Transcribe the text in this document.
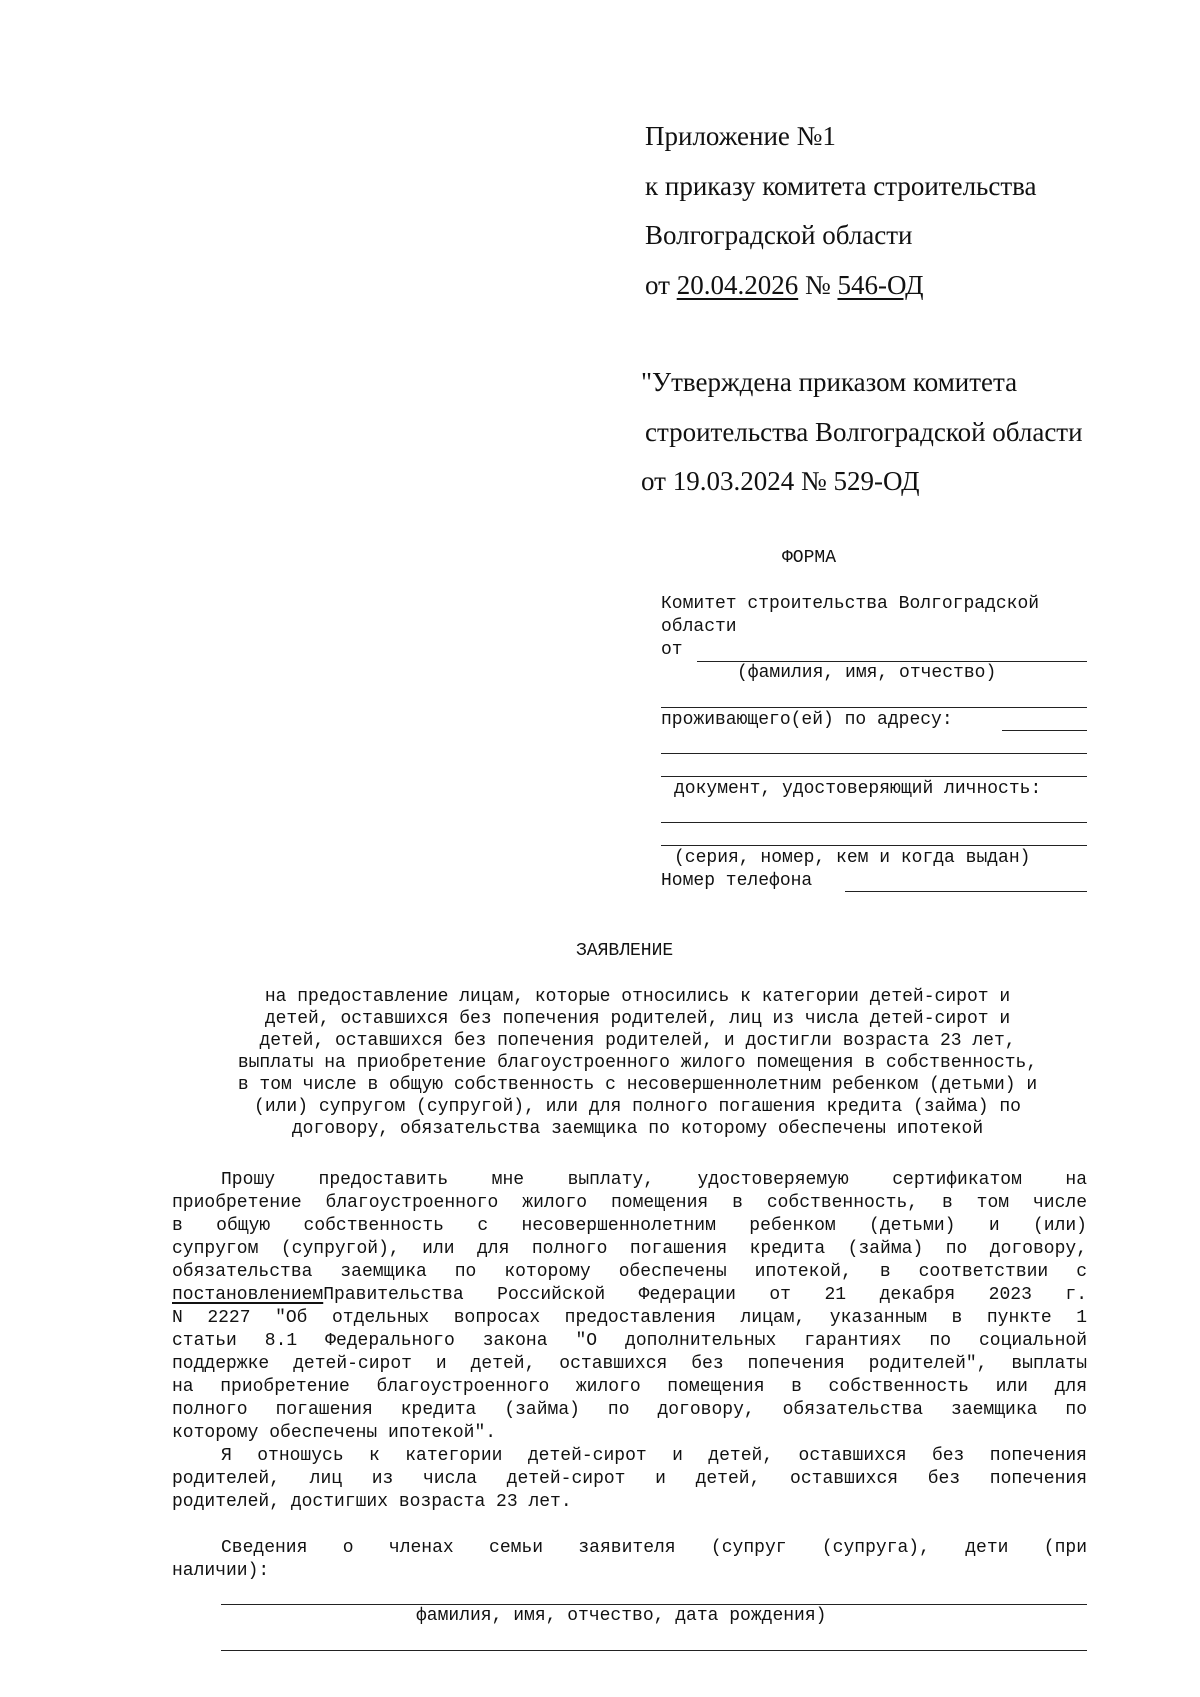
Приложение №1
к приказу комитета строительства
Волгоградской области
от 20.04.2026 № 546-ОД
"Утверждена приказом комитета
строительства Волгоградской области
от 19.03.2024 № 529-ОД
ФОРМА
Комитет строительства Волгоградской
области
от
(фамилия, имя, отчество)
проживающего(ей) по адресу:
документ, удостоверяющий личность:
(серия, номер, кем и когда выдан)
Номер телефона
ЗАЯВЛЕНИЕ

на предоставление лицам, которые относились к категории детей-сирот и

детей, оставшихся без попечения родителей, лиц из числа детей-сирот и

детей, оставшихся без попечения родителей, и достигли возраста 23 лет,

выплаты на приобретение благоустроенного жилого помещения в собственность,

в том числе в общую собственность с несовершеннолетним ребенком (детьми) и

(или) супругом (супругой), или для полного погашения кредита (займа) по

договору, обязательства заемщика по которому обеспечены ипотекой

Прошу предоставить мне выплату, удостоверяемую сертификатом на

приобретение благоустроенного жилого помещения в собственность, в том числе

в общую собственность с несовершеннолетним ребенком (детьми) и (или)

супругом (супругой), или для полного погашения кредита (займа) по договору,

обязательства заемщика по которому обеспечены ипотекой, в соответствии с

постановлением Правительства Российской Федерации от 21 декабря 2023 г.

N 2227 "Об отдельных вопросах предоставления лицам, указанным в пункте 1

статьи 8.1 Федерального закона "О дополнительных гарантиях по социальной

поддержке детей-сирот и детей, оставшихся без попечения родителей", выплаты

на приобретение благоустроенного жилого помещения в собственность или для

полного погашения кредита (займа) по договору, обязательства заемщика по

которому обеспечены ипотекой".

Я отношусь к категории детей-сирот и детей, оставшихся без попечения

родителей, лиц из числа детей-сирот и детей, оставшихся без попечения

родителей, достигших возраста 23 лет.

Сведения о членах семьи заявителя (супруг (супруга), дети (при

наличии):

фамилия, имя, отчество, дата рождения)
